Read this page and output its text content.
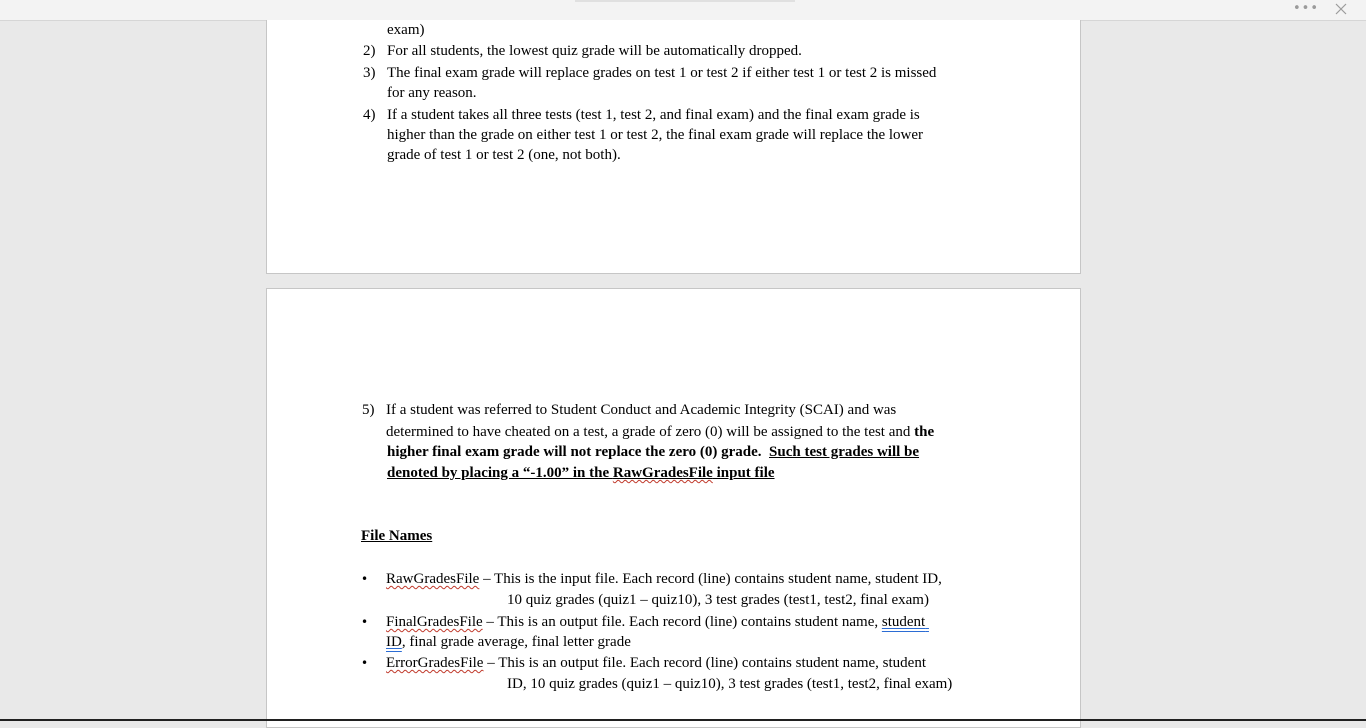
•••
exam)
2) For all students, the lowest quiz grade will be automatically dropped.
3) The final exam grade will replace grades on test 1 or test 2 if either test 1 or test 2 is missed
for any reason.
4) If a student takes all three tests (test 1, test 2, and final exam) and the final exam grade is
higher than the grade on either test 1 or test 2, the final exam grade will replace the lower
grade of test 1 or test 2 (one, not both).
5) If a student was referred to Student Conduct and Academic Integrity (SCAI) and was
determined to have cheated on a test, a grade of zero (0) will be assigned to the test and the
higher final exam grade will not replace the zero (0) grade. Such test grades will be
denoted by placing a “-1.00” in the RawGradesFile input file
File Names
• RawGradesFile – This is the input file. Each record (line) contains student name, student ID,
10 quiz grades (quiz1 – quiz10), 3 test grades (test1, test2, final exam)
• FinalGradesFile – This is an output file. Each record (line) contains student name, student
ID, final grade average, final letter grade
• ErrorGradesFile – This is an output file. Each record (line) contains student name, student
ID, 10 quiz grades (quiz1 – quiz10), 3 test grades (test1, test2, final exam)
